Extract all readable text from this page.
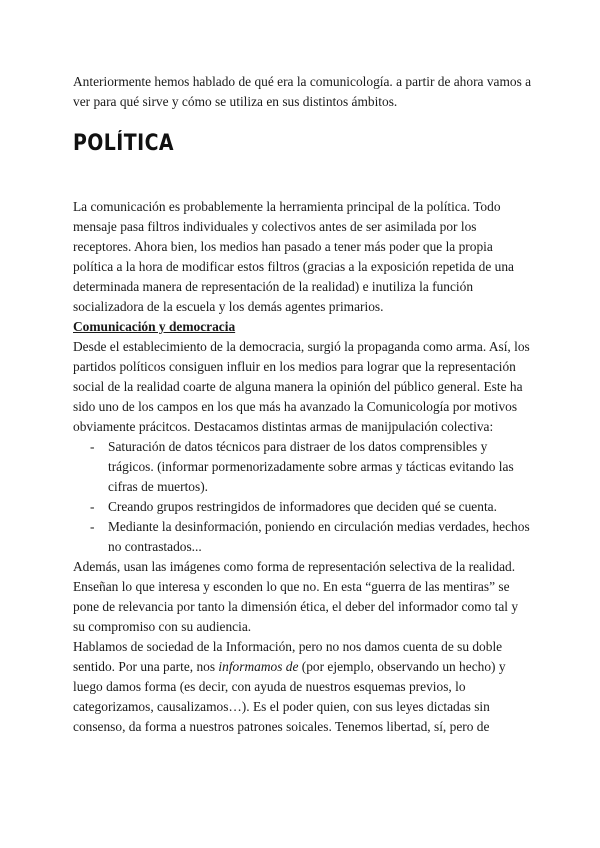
Anteriormente hemos hablado de qué era la comunicología. a partir de ahora vamos a ver para qué sirve y cómo se utiliza en sus distintos ámbitos.

POLÍTICA

La comunicación es probablemente la herramienta principal de la política. Todo mensaje pasa filtros individuales y colectivos antes de ser asimilada por los receptores. Ahora bien, los medios han pasado a tener más poder que la propia política a la hora de modificar estos filtros (gracias a la exposición repetida de una determinada manera de representación de la realidad) e inutiliza la función socializadora de la escuela y los demás agentes primarios.

Comunicación y democracia

Desde el establecimiento de la democracia, surgió la propaganda como arma. Así, los partidos políticos consiguen influir en los medios para lograr que la representación social de la realidad coarte de alguna manera la opinión del público general. Este ha sido uno de los campos en los que más ha avanzado la Comunicología por motivos obviamente prácitcos. Destacamos distintas armas de manijpulación colectiva:

- Saturación de datos técnicos para distraer de los datos comprensibles y trágicos. (informar pormenorizadamente sobre armas y tácticas evitando las cifras de muertos).
- Creando grupos restringidos de informadores que deciden qué se cuenta.
- Mediante la desinformación, poniendo en circulación medias verdades, hechos no contrastados...

Además, usan las imágenes como forma de representación selectiva de la realidad. Enseñan lo que interesa y esconden lo que no. En esta “guerra de las mentiras” se pone de relevancia por tanto la dimensión ética, el deber del informador como tal y su compromiso con su audiencia.

Hablamos de sociedad de la Información, pero no nos damos cuenta de su doble sentido. Por una parte, nos informamos de (por ejemplo, observando un hecho) y luego damos forma (es decir, con ayuda de nuestros esquemas previos, lo categorizamos, causalizamos…). Es el poder quien, con sus leyes dictadas sin consenso, da forma a nuestros patrones soicales. Tenemos libertad, sí, pero de
